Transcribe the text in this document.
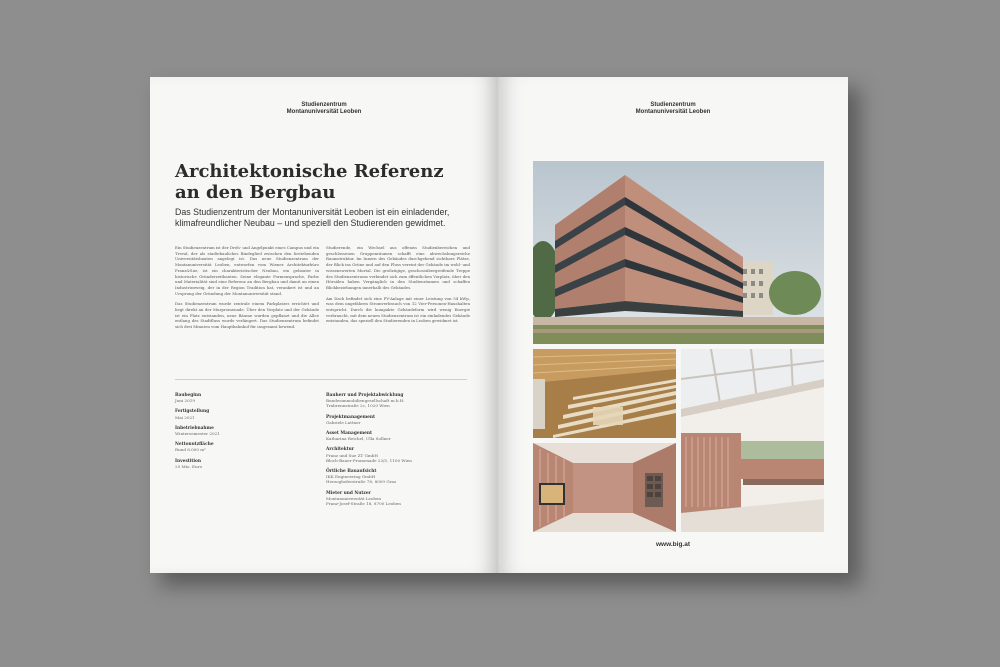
Studienzentrum
Montanuniversität Leoben
Architektonische Referenz
an den Bergbau

Das Studienzentrum der Montanuniversität Leoben ist ein einladender, klimafreundlicher Neubau – und speziell den Studierenden gewidmet.

Ein Studienzentrum ist der Dreh- und Angelpunkt eines Campus und ein Treval, der als stadtebauliches Bindeglied zwischen den bestehenden Universitätsbauten angelegt ist. Das neue Studienzentrum der Montanuniversität Leoben, entworfen vom Wiener Architekturbüro Franz&Sue, ist ein charakteristischer Neubau, ein gebauter in historische Gründerzeitbauten. Seine elegante Formensprache, Farbe und Materialität sind eine Referenz an den Bergbau und damit an einen Industriezweig, der in der Region Tradition hat, verankert ist und an Ursprung der Gründung der Montanuniversität stand.

Das Studienzentrum wurde zentrale einem Parkplatzes errichtet und liegt direkt an der Murpromenade. Über den Vorplatz und der Gebäude ist ein Platz entstanden, neue Bäume wurden gepflanzt und die Allee entlang des Stadtfluss wurde verlängert. Das Studienzentrum befindet sich drei Minuten vom Hauptbahnhof für insgesamt bewend.

Studierende, ein Wechsel aus offenen Studienbereichen und geschlossenen Gruppenräumen schafft eine abwechslungsreiche Raumstruktur. Im Innern des Gebäudes durchgehend sichtbare Plätze, der Blick ins Grüne und auf den Fluss vereint der Gebäude im wohl- und wissenswerten Murtal. Die großzügige, geschossübergreifende Treppe des Studienzentrums verbindet sich zum öffentlichen Vorplatz, über den Hörsälen haben Vergänglich in den Studienräumen und schaffen Blickbeziehungen innerhalb des Gebäudes.

Am Dach befindet sich eine PV-Anlage mit einer Leistung von 54 kWp, was dem ungefähren Stromverbrauch von 12 Vier-Personen-Haushalten entspricht. Durch die kompakte Gebäudeform wird wenig Energie verbraucht, mit dem neuen Studienzentrum ist ein einladendes Gebäude entstanden, das speziell den Studierenden in Leoben gewidmet ist.

Baubeginn
Juni 2019
Fertigstellung
Mai 2021
Inbetriebnahme
Wintersemester 2021
Nettonutzfläche
Rund 8.000 m²
Investition
25 Mio. Euro
Bauherr und Projektabwicklung
Bundesimmobiliengesellschaft m.b.H.
Trabrennstraße 2c, 1020 Wien
Projektmanagement
Gabriele Lattner
Asset Management
Katharina Reichel, Ulla Sollner
Architektur
Franz und Sue ZT GmbH
Bloch-Bauer-Promenade 23/5, 1100 Wien
Örtliche Bauaufsicht
IKK Engineering GmbH
Herzoghoferstraße 78, 8009 Graz
Mieter und Nutzer
Montanuniversität Leoben
Franz-Josef-Straße 18, 8700 Leoben
Studienzentrum
Montanuniversität Leoben
www.big.at
